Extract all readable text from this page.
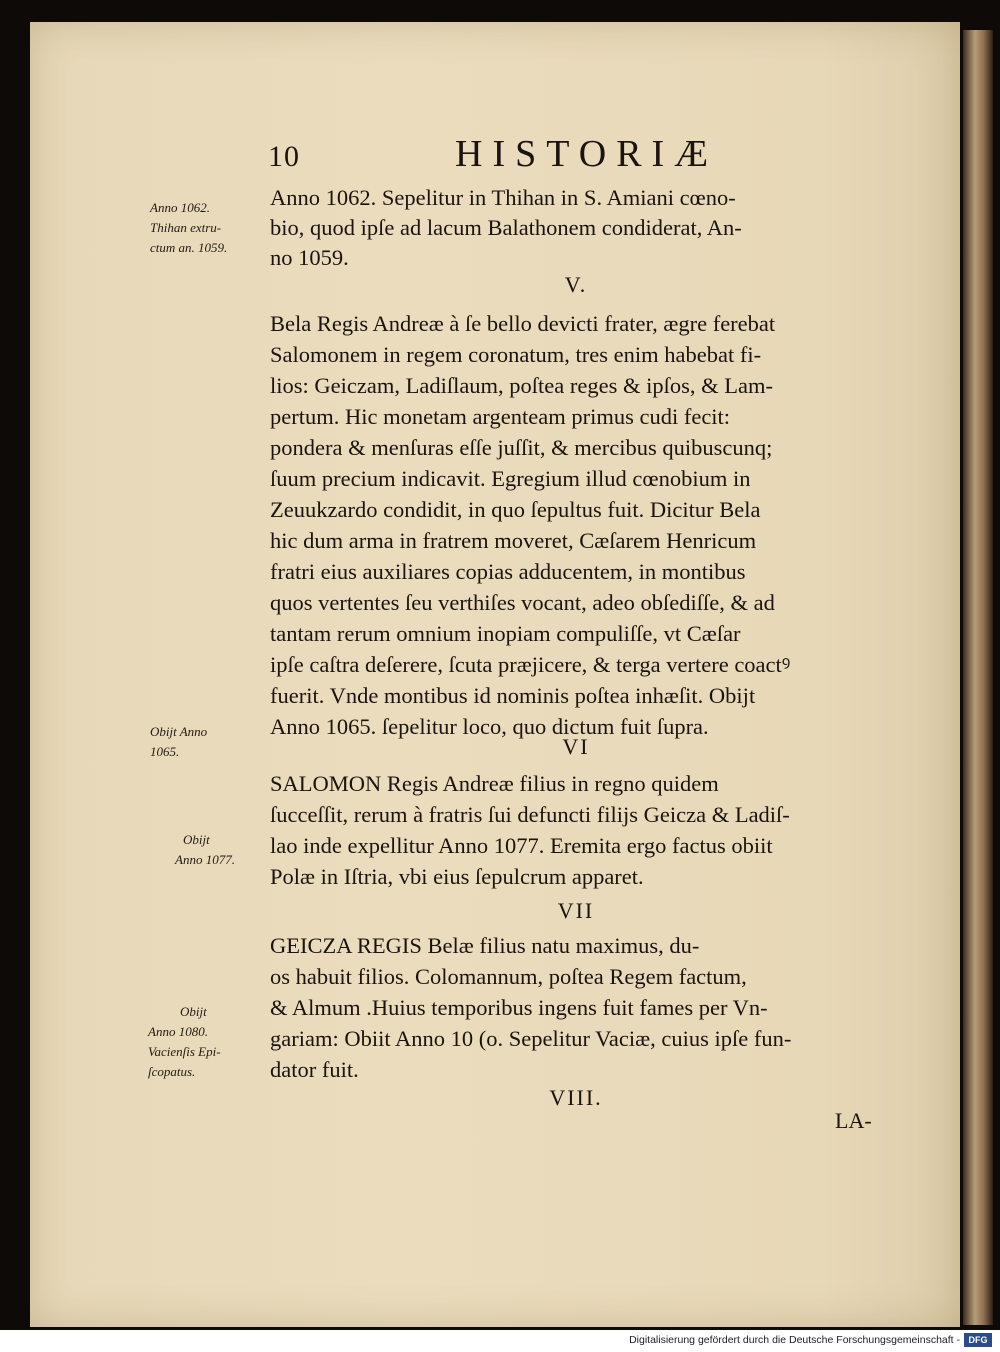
10	HISTORIÆ
Anno 1062.
Thihan extru-
ctum an. 1059.
Anno 1062. Sepelitur in Thihan in S. Amiani cœno-
bio, quod ipſe ad lacum Balathonem condiderat, An-
no 1059.
V.
Bela Regis Andreæ à ſe bello devicti frater, ægre ferebat
Salomonem in regem coronatum, tres enim habebat fi-
lios: Geiczam, Ladiſlaum, poſtea reges & ipſos, & Lam-
pertum. Hic monetam argenteam primus cudi fecit:
pondera & menſuras eſſe juſſit, & mercibus quibuscunq;
ſuum precium indicavit. Egregium illud cœnobium in
Zeuukzardo condidit, in quo ſepultus fuit. Dicitur Bela
hic dum arma in fratrem moveret, Cæſarem Henricum
fratri eius auxiliares copias adducentem, in montibus
quos vertentes ſeu verthiſes vocant, adeo obſediſſe, & ad
tantam rerum omnium inopiam compuliſſe, vt Cæſar
ipſe caſtra deſerere, ſcuta præjicere, & terga vertere coactꝰ
fuerit. Vnde montibus id nominis poſtea inhæſit. Obijt
Anno 1065. ſepelitur loco, quo dictum fuit ſupra.
Obijt Anno
1065.	VI
SALOMON Regis Andreæ filius in regno quidem
ſucceſſit, rerum à fratris ſui defuncti filijs Geicza & Ladiſ-
lao inde expellitur Anno 1077. Eremita ergo factus obiit
Polæ in Iſtria, vbi eius ſepulcrum apparet.
Obijt
Anno 1077.
VII
GEICZA REGIS Belæ filius natu maximus, du-
os habuit filios. Colomannum, poſtea Regem factum,
& Almum .Huius temporibus ingens fuit fames per Vn-
gariam: Obiit Anno 10 (o. Sepelitur Vaciæ, cuius ipſe fun-
dator fuit.
Obijt
Anno 1080.
Vacienſis Epi-
ſcopatus.
VIII.
LA-
Digitalisierung gefördert durch die Deutsche Forschungsgemeinschaft - DFG
